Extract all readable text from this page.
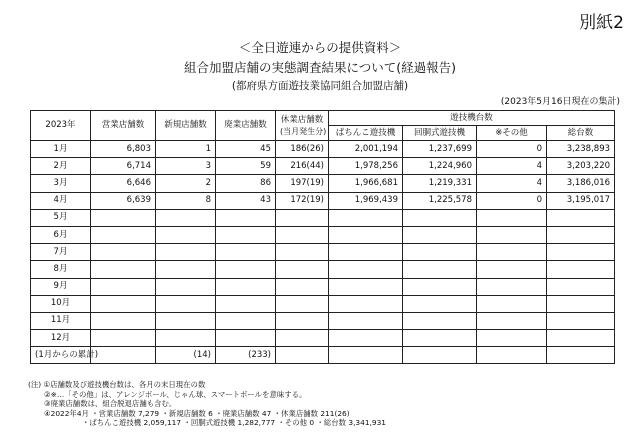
別紙2
＜全日遊連からの提供資料＞
組合加盟店舗の実態調査結果について(経過報告)
(都府県方面遊技業協同組合加盟店舗)
(2023年5月16日現在の集計)
2023年	営業店舗数	新規店舗数	廃業店舗数	休業店舗数
(当月発生分)	遊技機台数			
					ぱちんこ遊技機	回胴式遊技機	※その他	総台数
1月	6,803	1	45	186(26)	2,001,194	1,237,699	0	3,238,893
2月	6,714	3	59	216(44)	1,978,256	1,224,960	4	3,203,220
3月	6,646	2	86	197(19)	1,966,681	1,219,331	4	3,186,016
4月	6,639	8	43	172(19)	1,969,439	1,225,578	0	3,195,017
5月								
6月								
7月								
8月								
9月								
10月								
11月								
12月								
(1月からの累計)		(14)	(233)					
(注) ①店舗数及び遊技機台数は、各月の末日現在の数
②※…「その他」は、アレンジボール、じゃん球、スマートボールを意味する。
③廃業店舗数は、組合脱退店舗も含む。
④2022年4月 ・営業店舗数 7,279 ・新規店舗数 6 ・廃業店舗数 47 ・休業店舗数 211(26)
・ぱちんこ遊技機 2,059,117 ・回胴式遊技機 1,282,777 ・その他 0 ・総台数 3,341,931
